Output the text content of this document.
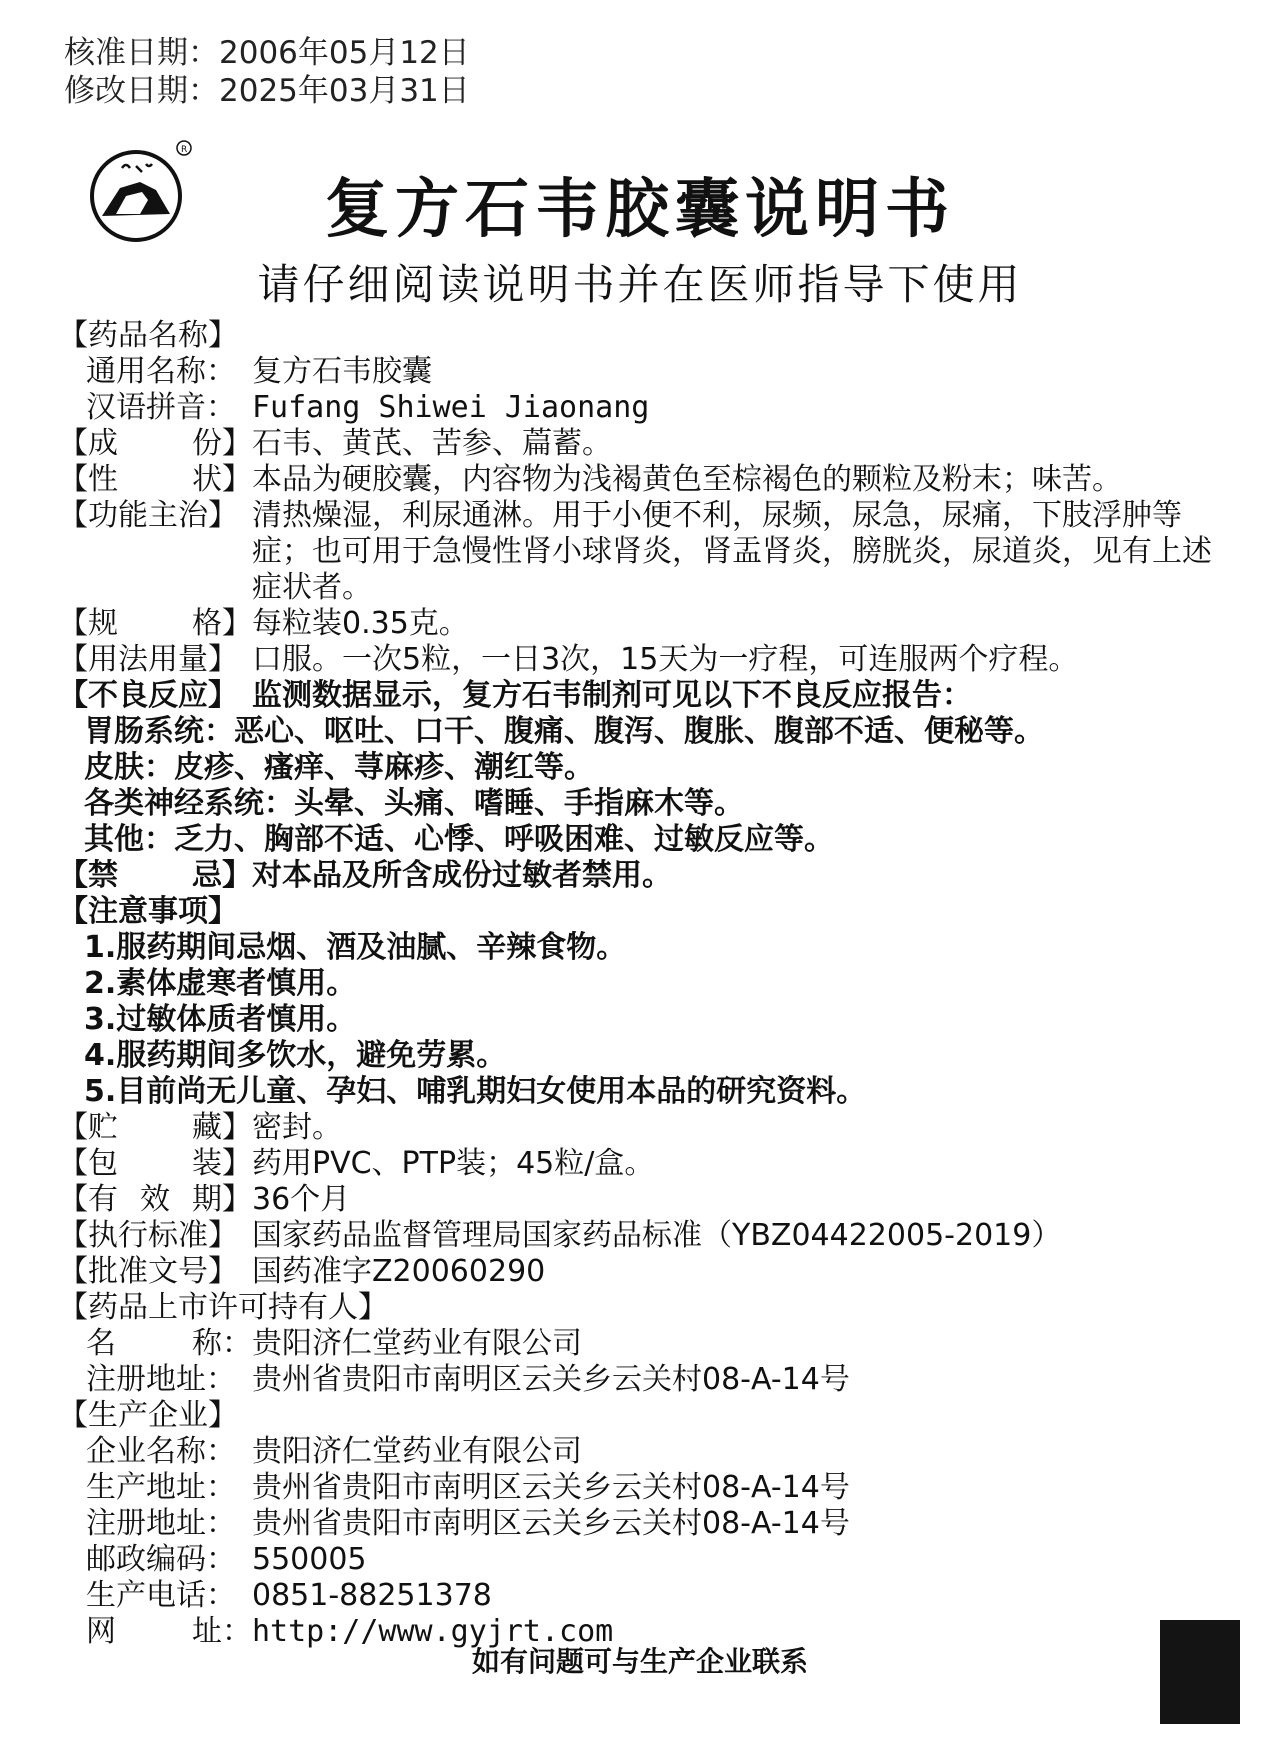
核准日期：2006年05月12日
修改日期：2025年03月31日
R
复方石韦胶囊说明书
请仔细阅读说明书并在医师指导下使用
【药品名称】
通用名称： 复方石韦胶囊
汉语拼音： Fufang Shiwei Jiaonang
【成 份】 石韦、黄芪、苦参、萹蓄。
【性 状】 本品为硬胶囊，内容物为浅褐黄色至棕褐色的颗粒及粉末；味苦。
【功能主治】 清热燥湿，利尿通淋。用于小便不利，尿频，尿急，尿痛，下肢浮肿等症；也可用于急慢性肾小球肾炎，肾盂肾炎，膀胱炎，尿道炎，见有上述症状者。
【规 格】 每粒装0.35克。
【用法用量】 口服。一次5粒，一日3次，15天为一疗程，可连服两个疗程。
【不良反应】 监测数据显示，复方石韦制剂可见以下不良反应报告：
胃肠系统：恶心、呕吐、口干、腹痛、腹泻、腹胀、腹部不适、便秘等。
皮肤：皮疹、瘙痒、荨麻疹、潮红等。
各类神经系统：头晕、头痛、嗜睡、手指麻木等。
其他：乏力、胸部不适、心悸、呼吸困难、过敏反应等。
【禁 忌】 对本品及所含成份过敏者禁用。
【注意事项】
1.服药期间忌烟、酒及油腻、辛辣食物。
2.素体虚寒者慎用。
3.过敏体质者慎用。
4.服药期间多饮水，避免劳累。
5.目前尚无儿童、孕妇、哺乳期妇女使用本品的研究资料。
【贮 藏】 密封。
【包 装】 药用PVC、PTP装；45粒/盒。
【有 效 期】 36个月
【执行标准】 国家药品监督管理局国家药品标准（YBZ04422005-2019）
【批准文号】 国药准字Z20060290
【药品上市许可持有人】
名	称： 贵阳济仁堂药业有限公司
注册地址： 贵州省贵阳市南明区云关乡云关村08-A-14号
【生产企业】
企业名称： 贵阳济仁堂药业有限公司
生产地址： 贵州省贵阳市南明区云关乡云关村08-A-14号
注册地址： 贵州省贵阳市南明区云关乡云关村08-A-14号
邮政编码： 550005
生产电话： 0851-88251378
网	址： http://www.gyjrt.com
如有问题可与生产企业联系
